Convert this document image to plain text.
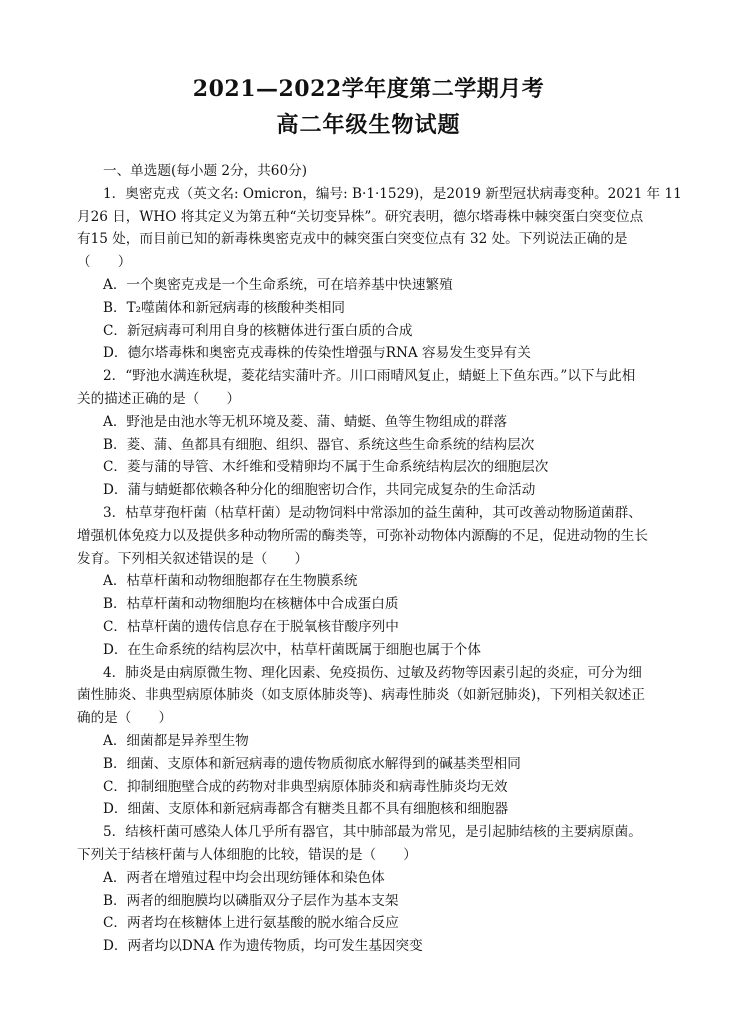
2021—2022学年度第二学期月考
高二年级生物试题
一、单选题(每小题 2分，共60分)
1．奥密克戎（英文名: Omicron，编号: B·1·1529)，是2019 新型冠状病毒变种。2021 年 11
月26 日，WHO 将其定义为第五种“关切变异株”。研究表明，德尔塔毒株中棘突蛋白突变位点
有15 处，而目前已知的新毒株奥密克戎中的棘突蛋白突变位点有 32 处。下列说法正确的是
（　　）
A．一个奥密克戎是一个生命系统，可在培养基中快速繁殖
B．T₂噬菌体和新冠病毒的核酸种类相同
C．新冠病毒可利用自身的核糖体进行蛋白质的合成
D．德尔塔毒株和奥密克戎毒株的传染性增强与RNA 容易发生变异有关
2．“野池水满连秋堤，菱花结实蒲叶齐。川口雨晴风复止，蜻蜓上下鱼东西。”以下与此相
关的描述正确的是（　　）
A．野池是由池水等无机环境及菱、蒲、蜻蜓、鱼等生物组成的群落
B．菱、蒲、鱼都具有细胞、组织、器官、系统这些生命系统的结构层次
C．菱与蒲的导管、木纤维和受精卵均不属于生命系统结构层次的细胞层次
D．蒲与蜻蜓都依赖各种分化的细胞密切合作，共同完成复杂的生命活动
3．枯草芽孢杆菌（枯草杆菌）是动物饲料中常添加的益生菌种，其可改善动物肠道菌群、
增强机体免疫力以及提供多种动物所需的酶类等，可弥补动物体内源酶的不足，促进动物的生长
发育。下列相关叙述错误的是（　　）
A．枯草杆菌和动物细胞都存在生物膜系统
B．枯草杆菌和动物细胞均在核糖体中合成蛋白质
C．枯草杆菌的遗传信息存在于脱氧核苷酸序列中
D．在生命系统的结构层次中，枯草杆菌既属于细胞也属于个体
4．肺炎是由病原微生物、理化因素、免疫损伤、过敏及药物等因素引起的炎症，可分为细
菌性肺炎、非典型病原体肺炎（如支原体肺炎等)、病毒性肺炎（如新冠肺炎)，下列相关叙述正
确的是（　　）
A．细菌都是异养型生物
B．细菌、支原体和新冠病毒的遗传物质彻底水解得到的碱基类型相同
C．抑制细胞壁合成的药物对非典型病原体肺炎和病毒性肺炎均无效
D．细菌、支原体和新冠病毒都含有糖类且都不具有细胞核和细胞器
5．结核杆菌可感染人体几乎所有器官，其中肺部最为常见，是引起肺结核的主要病原菌。
下列关于结核杆菌与人体细胞的比较，错误的是（　　）
A．两者在增殖过程中均会出现纺锤体和染色体
B．两者的细胞膜均以磷脂双分子层作为基本支架
C．两者均在核糖体上进行氨基酸的脱水缩合反应
D．两者均以DNA 作为遗传物质，均可发生基因突变
